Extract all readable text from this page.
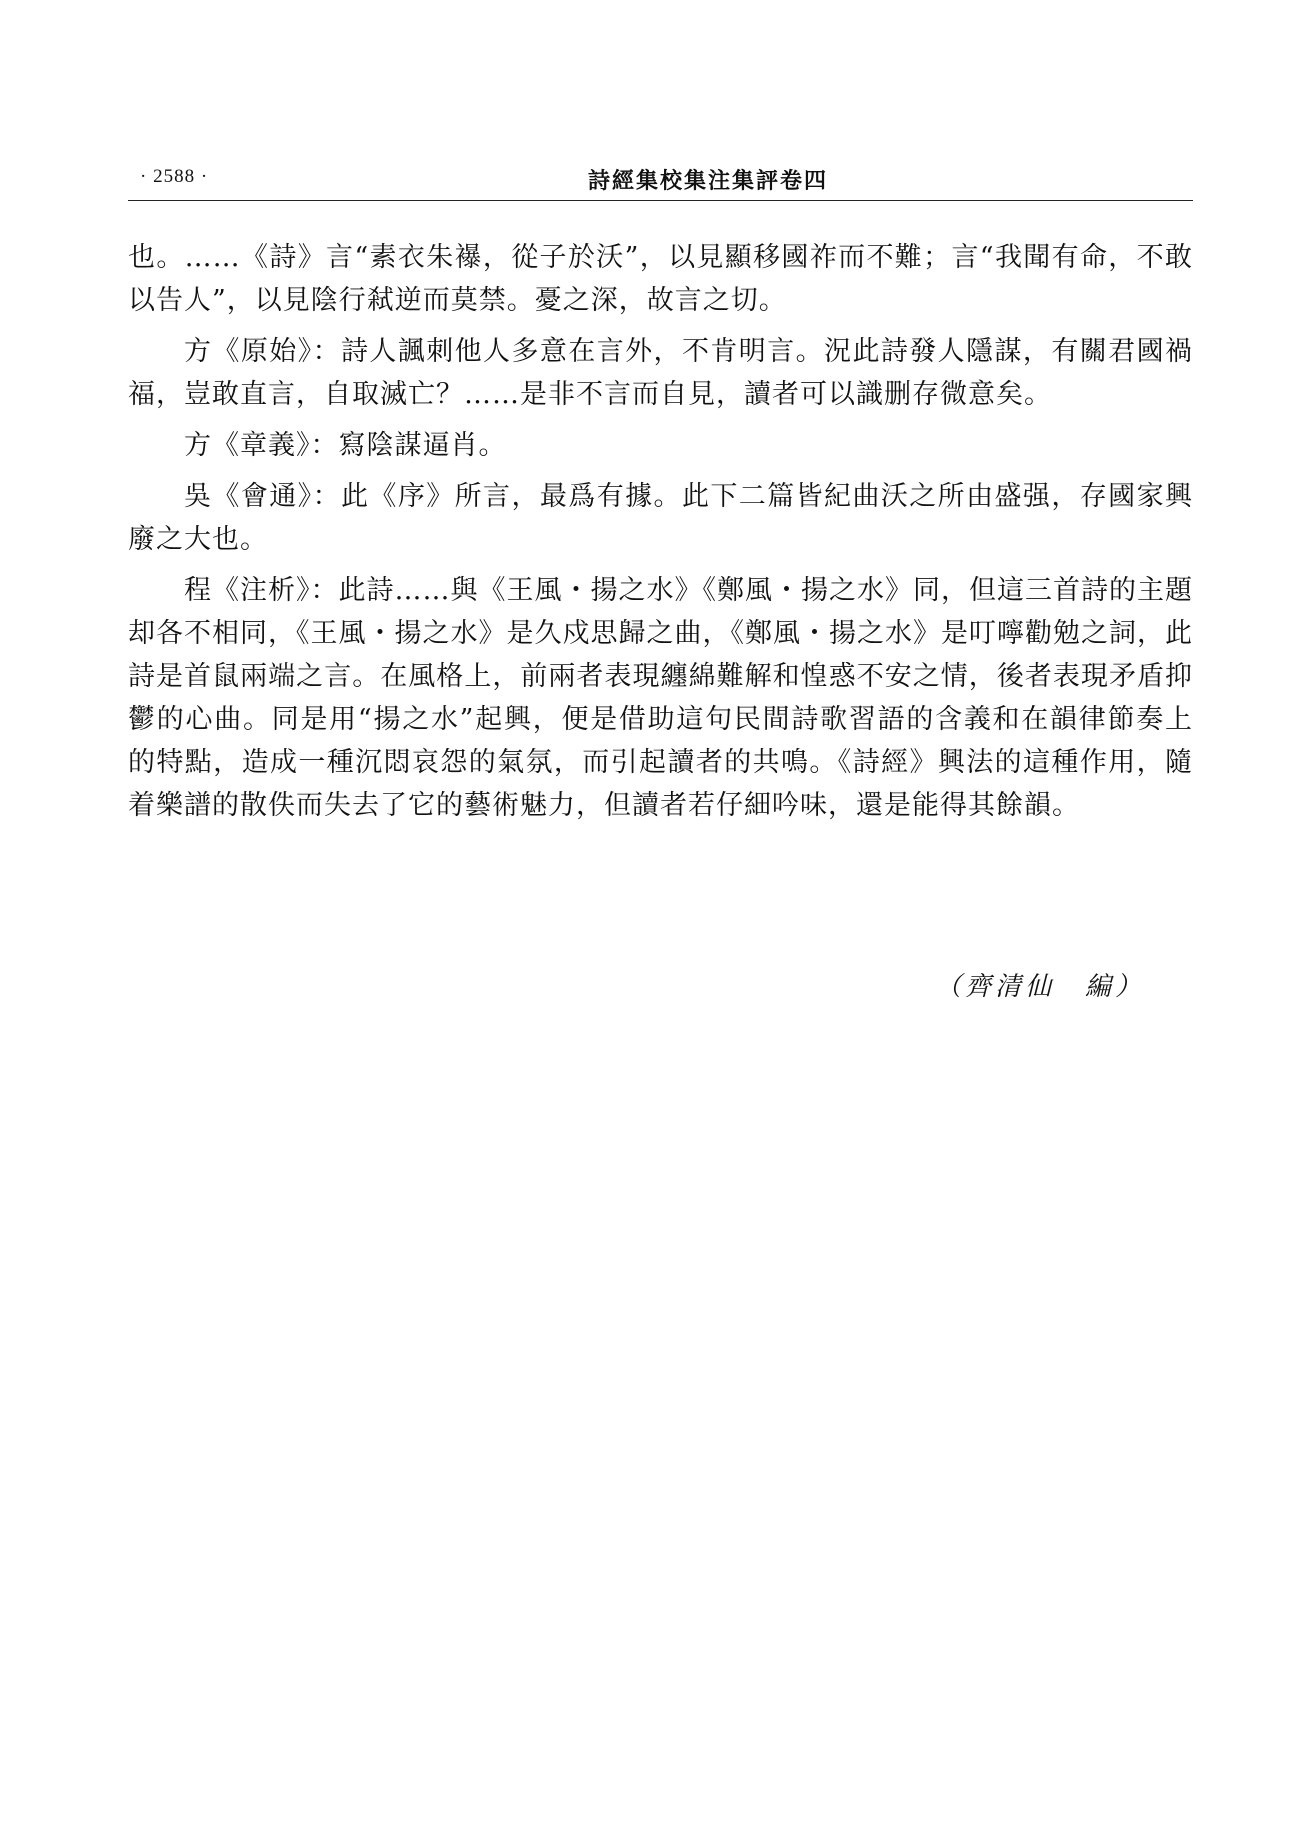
· 2588 ·	詩經集校集注集評卷四

也。……《詩》言“素衣朱襮，從子於沃”，以見顯移國祚而不難；言“我聞有命，不敢以告人”，以見陰行弒逆而莫禁。憂之深，故言之切。

方《原始》：詩人諷刺他人多意在言外，不肯明言。況此詩發人隱謀，有關君國禍福，豈敢直言，自取滅亡？……是非不言而自見，讀者可以識删存微意矣。

方《章義》：寫陰謀逼肖。

吳《會通》：此《序》所言，最爲有據。此下二篇皆紀曲沃之所由盛强，存國家興廢之大也。

程《注析》：此詩……與《王風・揚之水》《鄭風・揚之水》同，但這三首詩的主題却各不相同，《王風・揚之水》是久戍思歸之曲，《鄭風・揚之水》是叮嚀勸勉之詞，此詩是首鼠兩端之言。在風格上，前兩者表現纏綿難解和惶惑不安之情，後者表現矛盾抑鬱的心曲。同是用“揚之水”起興，便是借助這句民間詩歌習語的含義和在韻律節奏上的特點，造成一種沉悶哀怨的氣氛，而引起讀者的共鳴。《詩經》興法的這種作用，隨着樂譜的散佚而失去了它的藝術魅力，但讀者若仔細吟味，還是能得其餘韻。

（齊清仙　編）
